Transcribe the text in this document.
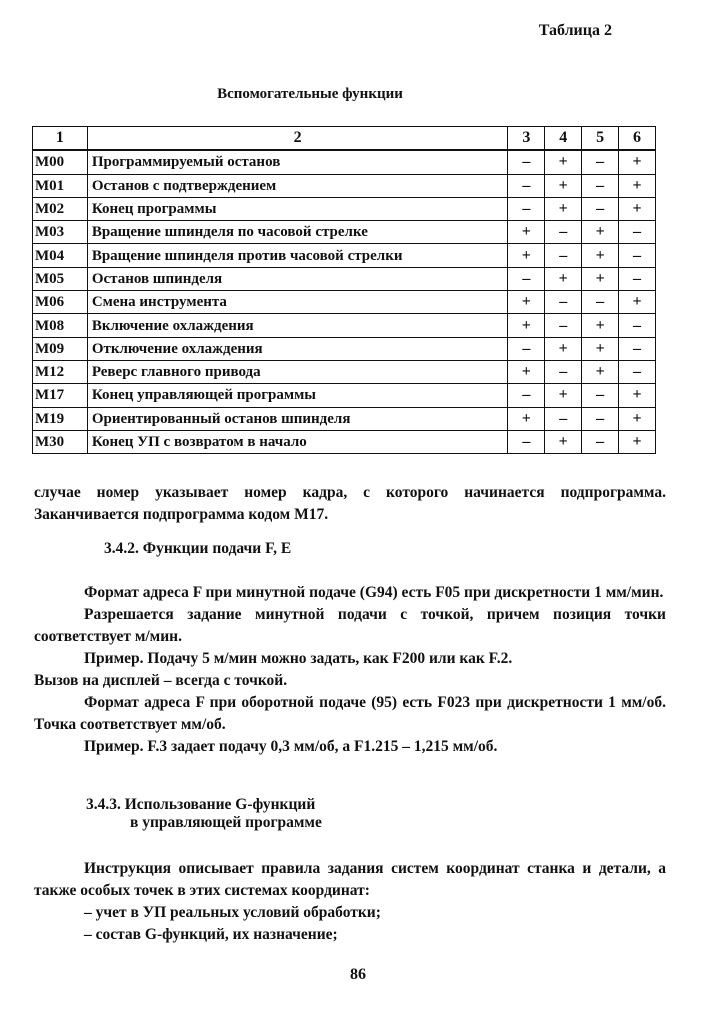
Таблица 2
Вспомогательные функции
1	2	3	4	5	6
M00	Программируемый останов	–	+	–	+
M01	Останов с подтверждением	–	+	–	+
M02	Конец программы	–	+	–	+
M03	Вращение шпинделя по часовой стрелке	+	–	+	–
M04	Вращение шпинделя против часовой стрелки	+	–	+	–
M05	Останов шпинделя	–	+	+	–
M06	Смена инструмента	+	–	–	+
M08	Включение охлаждения	+	–	+	–
M09	Отключение охлаждения	–	+	+	–
M12	Реверс главного привода	+	–	+	–
M17	Конец управляющей программы	–	+	–	+
M19	Ориентированный останов шпинделя	+	–	–	+
M30	Конец УП с возвратом в начало	–	+	–	+

случае номер указывает номер кадра, с которого начинается подпрограмма. Заканчивается подпрограмма кодом M17.

3.4.2. Функции подачи F, E

Формат адреса F при минутной подаче (G94) есть F05 при дискретности 1 мм/мин.

Разрешается задание минутной подачи с точкой, причем позиция точки соответствует м/мин.

Пример. Подачу 5 м/мин можно задать, как F200 или как F.2.

Вызов на дисплей – всегда с точкой.

Формат адреса F при оборотной подаче (95) есть F023 при дискретности 1 мм/об. Точка соответствует мм/об.

Пример. F.3 задает подачу 0,3 мм/об, а F1.215 – 1,215 мм/об.

3.4.3. Использование G-функций
в управляющей программе

Инструкция описывает правила задания систем координат станка и детали, а также особых точек в этих системах координат:

– учет в УП реальных условий обработки;

– состав G-функций, их назначение;

86
